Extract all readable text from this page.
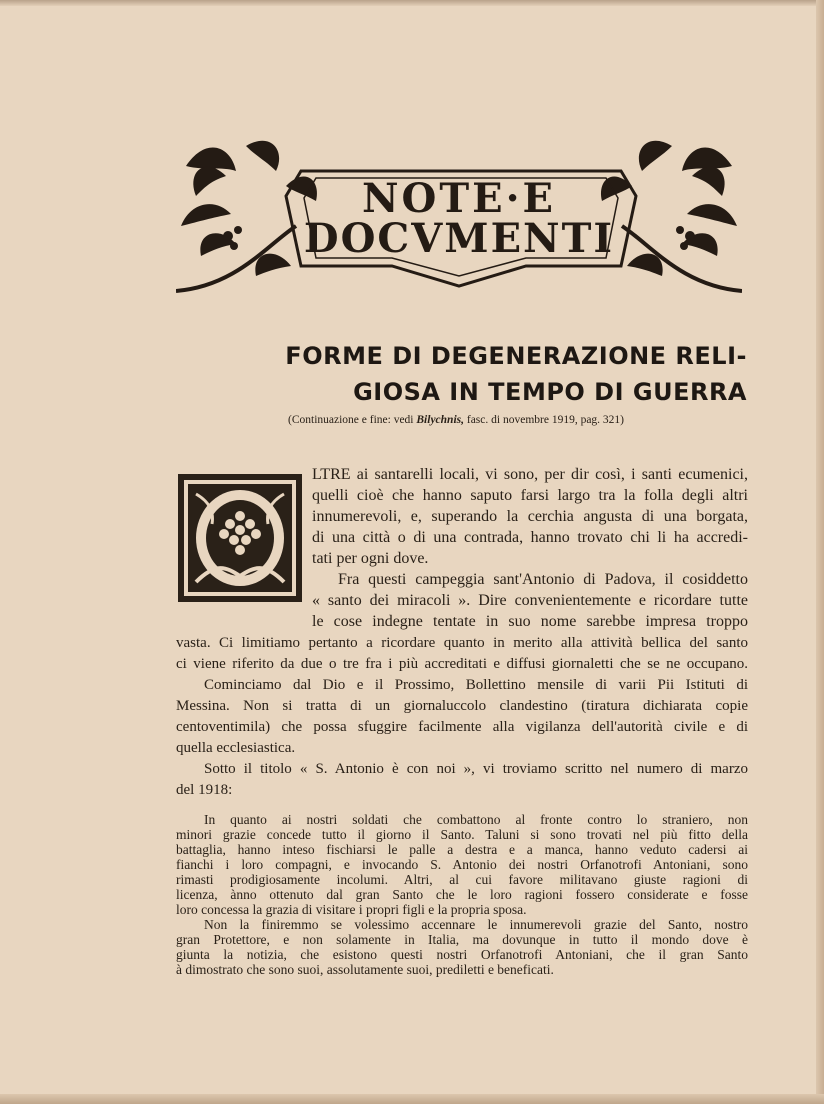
NOTE·E
DOCVMENTI
FORME DI DEGENERAZIONE RELI-
GIOSA IN TEMPO DI GUERRA
(Continuazione e fine: vedi Bilychnis, fasc. di novembre 1919, pag. 321)
LTRE ai santarelli locali, vi sono, per dir così, i santi ecumenici,
quelli cioè che hanno saputo farsi largo tra la folla degli altri
innumerevoli, e, superando la cerchia angusta di una borgata,
di una città o di una contrada, hanno trovato chi li ha accredi-
tati per ogni dove.
Fra questi campeggia sant'Antonio di Padova, il cosiddetto
« santo dei miracoli ». Dire convenientemente e ricordare tutte
le cose indegne tentate in suo nome sarebbe impresa troppo
vasta. Ci limitiamo pertanto a ricordare quanto in merito alla attività bellica del santo
ci viene riferito da due o tre fra i più accreditati e diffusi giornaletti che se ne occupano.
Cominciamo dal Dio e il Prossimo, Bollettino mensile di varii Pii Istituti di
Messina. Non si tratta di un giornaluccolo clandestino (tiratura dichiarata copie
centoventimila) che possa sfuggire facilmente alla vigilanza dell'autorità civile e di
quella ecclesiastica.
Sotto il titolo « S. Antonio è con noi », vi troviamo scritto nel numero di marzo
del 1918:
In quanto ai nostri soldati che combattono al fronte contro lo straniero, non
minori grazie concede tutto il giorno il Santo. Taluni si sono trovati nel più fitto della
battaglia, hanno inteso fischiarsi le palle a destra e a manca, hanno veduto cadersi ai
fianchi i loro compagni, e invocando S. Antonio dei nostri Orfanotrofi Antoniani, sono
rimasti prodigiosamente incolumi. Altri, al cui favore militavano giuste ragioni di
licenza, ànno ottenuto dal gran Santo che le loro ragioni fossero considerate e fosse
loro concessa la grazia di visitare i propri figli e la propria sposa.
Non la finiremmo se volessimo accennare le innumerevoli grazie del Santo, nostro
gran Protettore, e non solamente in Italia, ma dovunque in tutto il mondo dove è
giunta la notizia, che esistono questi nostri Orfanotrofi Antoniani, che il gran Santo
à dimostrato che sono suoi, assolutamente suoi, prediletti e beneficati.
